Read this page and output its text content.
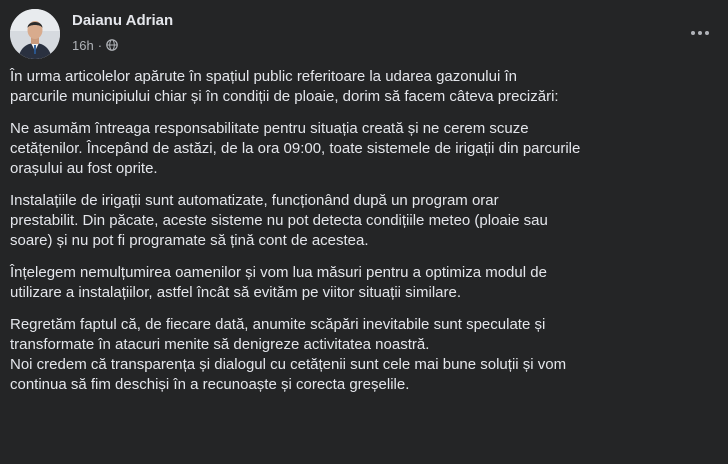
Daianu Adrian
16h ·

În urma articolelor apărute în spațiul public referitoare la udarea gazonului în
parcurile municipiului chiar și în condiții de ploaie, dorim să facem câteva precizări:

Ne asumăm întreaga responsabilitate pentru situația creată și ne cerem scuze
cetățenilor. Începând de astăzi, de la ora 09:00, toate sistemele de irigații din parcurile
orașului au fost oprite.

Instalațiile de irigații sunt automatizate, funcționând după un program orar
prestabilit. Din păcate, aceste sisteme nu pot detecta condițiile meteo (ploaie sau
soare) și nu pot fi programate să țină cont de acestea.

Înțelegem nemulțumirea oamenilor și vom lua măsuri pentru a optimiza modul de
utilizare a instalațiilor, astfel încât să evităm pe viitor situații similare.

Regretăm faptul că, de fiecare dată, anumite scăpări inevitabile sunt speculate și
transformate în atacuri menite să denigreze activitatea noastră.
Noi credem că transparența și dialogul cu cetățenii sunt cele mai bune soluții și vom
continua să fim deschiși în a recunoaște și corecta greșelile.
